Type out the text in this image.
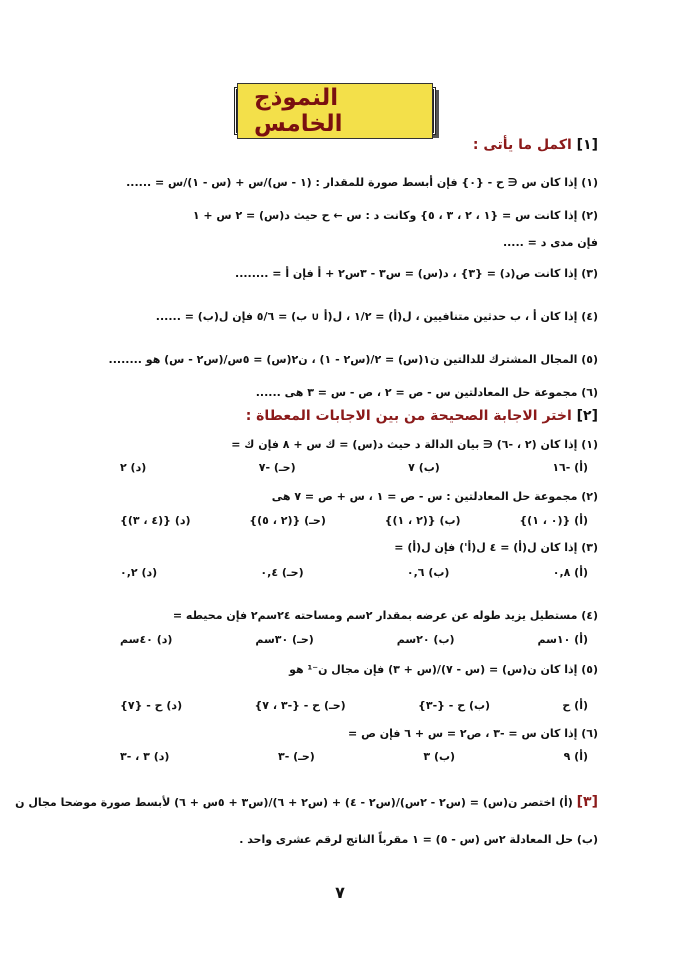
النموذج الخامس
[١] اكمل ما يأتى :
(١) إذا كان س ∈ ح - {٠} فإن أبسط صورة للمقدار : (١ - س)/س + (س - ١)/س = ......
(٢) إذا كانت س = {١ ، ٢ ، ٣ ، ٥} وكانت د : س ← ح حيث د(س) = ٢ س + ١
فإن مدى د = .....
(٣) إذا كانت ص(د) = {٣} ، د(س) = س٣ - ٣س٢ + أ فإن أ = ........
(٤) إذا كان أ ، ب حدثين متنافيين ، ل(أ) = ١/٢ ، ل(أ ∪ ب) = ٥/٦ فإن ل(ب) = ......
(٥) المجال المشترك للدالتين ن١(س) = ٢/(س٢ - ١) ، ن٢(س) = ٥س/(س٢ - س) هو ........
(٦) مجموعة حل المعادلتين س - ص = ٢ ، ص - س = ٣ هى ......
[٢] اختر الاجابة الصحيحة من بين الاجابات المعطاة :
(١) إذا كان (٢ ، -٦) ∈ بيان الدالة د حيث د(س) = ك س + ٨ فإن ك =
(أ) -١٦
(ب) ٧
(حـ) -٧
(د) ٢
(٢) مجموعة حل المعادلتين : س - ص = ١ ، س + ص = ٧ هى
(أ) {(٠ ، ١)}
(ب) {(٢ ، ١)}
(حـ) {(٢ ، ٥)}
(د) {(٤ ، ٣)}
(٣) إذا كان ل(أ) = ٤ ل(أ') فإن ل(أ) =
(أ) ٠,٨
(ب) ٠,٦
(حـ) ٠,٤
(د) ٠,٢
(٤) مستطيل يزيد طوله عن عرضه بمقدار ٢سم ومساحته ٢٤سم٢ فإن محيطه =
(أ) ١٠سم
(ب) ٢٠سم
(حـ) ٣٠سم
(د) ٤٠سم
(٥) إذا كان ن(س) = (س - ٧)/(س + ٣) فإن مجال ن⁻¹ هو
(أ) ح
(ب) ح - {-٣}
(حـ) ح - {-٣ ، ٧}
(د) ح - {٧}
(٦) إذا كان س = -٣ ، ص٢ = س + ٦ فإن ص =
(أ) ٩
(ب) ٣
(حـ) -٣
(د) ٣ ، -٣
[٣] (أ) اختصر ن(س) = (س٢ - ٢س)/(س٢ - ٤) + (س٢ + ٦)/(س٣ + ٥س + ٦) لأبسط صورة موضحا مجال ن
(ب) حل المعادلة ٢س (س - ٥) = ١ مقرباً الناتج لرقم عشرى واحد .
٧
